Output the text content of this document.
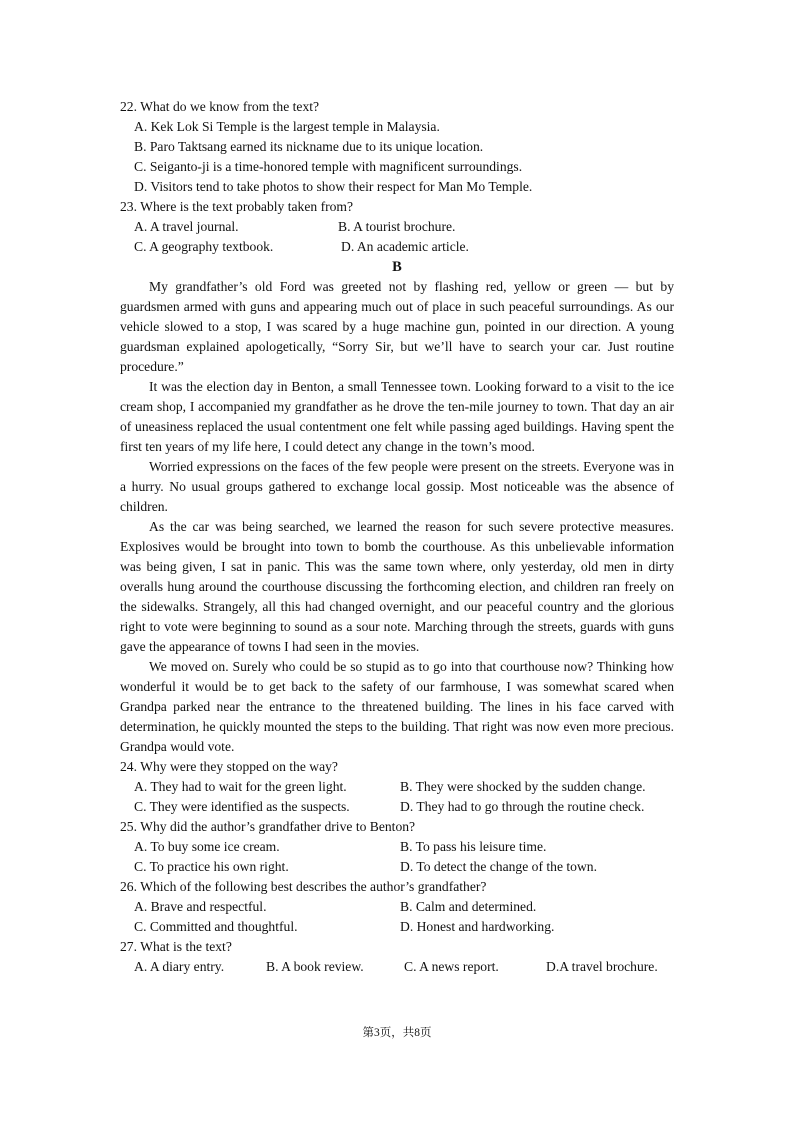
22. What do we know from the text?
A. Kek Lok Si Temple is the largest temple in Malaysia.
B. Paro Taktsang earned its nickname due to its unique location.
C. Seiganto-ji is a time-honored temple with magnificent surroundings.
D. Visitors tend to take photos to show their respect for Man Mo Temple.
23. Where is the text probably taken from?
A. A travel journal.	B. A tourist brochure.
C. A geography textbook.	D. An academic article.
B

My grandfather’s old Ford was greeted not by flashing red, yellow or green — but by guardsmen armed with guns and appearing much out of place in such peaceful surroundings. As our vehicle slowed to a stop, I was scared by a huge machine gun, pointed in our direction. A young guardsman explained apologetically, “Sorry Sir, but we’ll have to search your car. Just routine procedure.”

It was the election day in Benton, a small Tennessee town. Looking forward to a visit to the ice cream shop, I accompanied my grandfather as he drove the ten-mile journey to town. That day an air of uneasiness replaced the usual contentment one felt while passing aged buildings. Having spent the first ten years of my life here, I could detect any change in the town’s mood.

Worried expressions on the faces of the few people were present on the streets. Everyone was in a hurry. No usual groups gathered to exchange local gossip. Most noticeable was the absence of children.

As the car was being searched, we learned the reason for such severe protective measures. Explosives would be brought into town to bomb the courthouse. As this unbelievable information was being given, I sat in panic. This was the same town where, only yesterday, old men in dirty overalls hung around the courthouse discussing the forthcoming election, and children ran freely on the sidewalks. Strangely, all this had changed overnight, and our peaceful country and the glorious right to vote were beginning to sound as a sour note. Marching through the streets, guards with guns gave the appearance of towns I had seen in the movies.

We moved on. Surely who could be so stupid as to go into that courthouse now? Thinking how wonderful it would be to get back to the safety of our farmhouse, I was somewhat scared when Grandpa parked near the entrance to the threatened building. The lines in his face carved with determination, he quickly mounted the steps to the building. That right was now even more precious. Grandpa would vote.

24. Why were they stopped on the way?
A. They had to wait for the green light.	B. They were shocked by the sudden change.
C. They were identified as the suspects.	D. They had to go through the routine check.
25. Why did the author’s grandfather drive to Benton?
A. To buy some ice cream.	B. To pass his leisure time.
C. To practice his own right.	D. To detect the change of the town.
26. Which of the following best describes the author’s grandfather?
A. Brave and respectful.	B. Calm and determined.
C. Committed and thoughtful.	D. Honest and hardworking.
27. What is the text?
A. A diary entry.	B. A book review.	C. A news report.	D.A travel brochure.
第3页，共8页
